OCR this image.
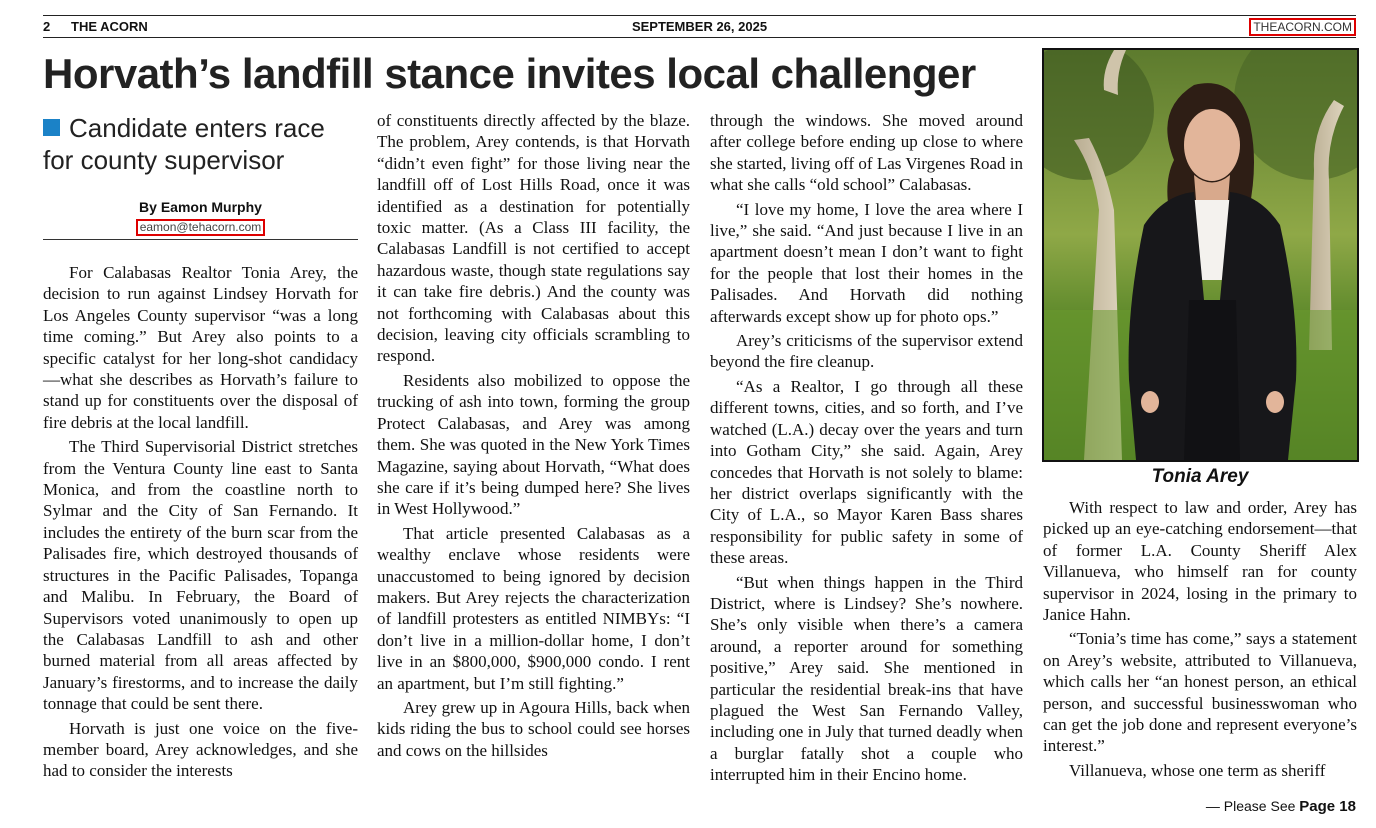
2 THE ACORN	SEPTEMBER 26, 2025	THEACORN.COM
Horvath’s landfill stance invites local challenger
Candidate enters race for county supervisor
By Eamon Murphy
eamon@tehacorn.com

For Calabasas Realtor Tonia Arey, the decision to run against Lindsey Horvath for Los Angeles County supervisor “was a long time coming.” But Arey also points to a specific catalyst for her long-shot candidacy—what she describes as Horvath’s failure to stand up for constituents over the disposal of fire debris at the local landfill.

The Third Supervisorial District stretches from the Ventura County line east to Santa Monica, and from the coastline north to Sylmar and the City of San Fernando. It includes the entirety of the burn scar from the Palisades fire, which destroyed thousands of structures in the Pacific Palisades, Topanga and Malibu. In February, the Board of Supervisors voted unanimously to open up the Calabasas Landfill to ash and other burned material from all areas affected by January’s firestorms, and to increase the daily tonnage that could be sent there.

Horvath is just one voice on the five-member board, Arey acknowledges, and she had to consider the interests

of constituents directly affected by the blaze. The problem, Arey contends, is that Horvath “didn’t even fight” for those living near the landfill off of Lost Hills Road, once it was identified as a destination for potentially toxic matter. (As a Class III facility, the Calabasas Landfill is not certified to accept hazardous waste, though state regulations say it can take fire debris.) And the county was not forthcoming with Calabasas about this decision, leaving city officials scrambling to respond.

Residents also mobilized to oppose the trucking of ash into town, forming the group Protect Calabasas, and Arey was among them. She was quoted in the New York Times Magazine, saying about Horvath, “What does she care if it’s being dumped here? She lives in West Hollywood.”

That article presented Calabasas as a wealthy enclave whose residents were unaccustomed to being ignored by decision makers. But Arey rejects the characterization of landfill protesters as entitled NIMBYs: “I don’t live in a million-dollar home, I don’t live in an $800,000, $900,000 condo. I rent an apartment, but I’m still fighting.”

Arey grew up in Agoura Hills, back when kids riding the bus to school could see horses and cows on the hillsides

through the windows. She moved around after college before ending up close to where she started, living off of Las Virgenes Road in what she calls “old school” Calabasas.

“I love my home, I love the area where I live,” she said. “And just because I live in an apartment doesn’t mean I don’t want to fight for the people that lost their homes in the Palisades. And Horvath did nothing afterwards except show up for photo ops.”

Arey’s criticisms of the supervisor extend beyond the fire cleanup.

“As a Realtor, I go through all these different towns, cities, and so forth, and I’ve watched (L.A.) decay over the years and turn into Gotham City,” she said. Again, Arey concedes that Horvath is not solely to blame: her district overlaps significantly with the City of L.A., so Mayor Karen Bass shares responsibility for public safety in some of these areas.

“But when things happen in the Third District, where is Lindsey? She’s nowhere. She’s only visible when there’s a camera around, a reporter around for something positive,” Arey said. She mentioned in particular the residential break-ins that have plagued the West San Fernando Valley, including one in July that turned deadly when a burglar fatally shot a couple who interrupted him in their Encino home.

With respect to law and order, Arey has picked up an eye-catching endorsement—that of former L.A. County Sheriff Alex Villanueva, who himself ran for county supervisor in 2024, losing in the primary to Janice Hahn.

“Tonia’s time has come,” says a statement on Arey’s website, attributed to Villanueva, which calls her “an honest person, an ethical person, and successful businesswoman who can get the job done and represent everyone’s interest.”

Villanueva, whose one term as sheriff

Tonia Arey
— Please See Page 18
